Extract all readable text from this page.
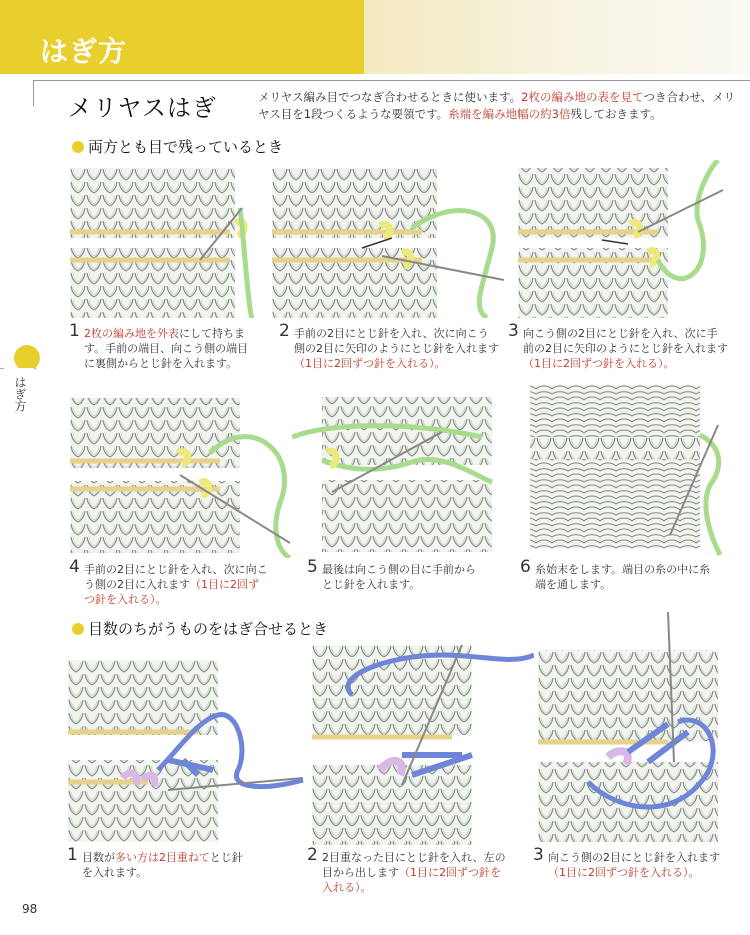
はぎ方
はぎ方
メリヤスはぎ	メリヤス編み目でつなぎ合わせるときに使います。2枚の編み地の表を見てつき合わせ、メリヤス目を1段つくるような要領です。糸端を編み地幅の約3倍残しておきます。
両方とも目で残っているとき
1 2枚の編み地を外表にして持ちます。手前の端目、向こう側の端目に裏側からとじ針を入れます。
2 手前の2目にとじ針を入れ、次に向こう側の2目に矢印のようにとじ針を入れます（1目に2回ずつ針を入れる）。
3 向こう側の2目にとじ針を入れ、次に手前の2目に矢印のようにとじ針を入れます（1目に2回ずつ針を入れる）。
4 手前の2目にとじ針を入れ、次に向こう側の2目に入れます（1目に2回ずつ針を入れる）。
5 最後は向こう側の目に手前からとじ針を入れます。
6 糸始末をします。端目の糸の中に糸端を通します。
目数のちがうものをはぎ合せるとき
1 目数が多い方は2目重ねてとじ針を入れます。
2 2目重なった目にとじ針を入れ、左の目から出します（1目に2回ずつ針を入れる）。
3 向こう側の2目にとじ針を入れます（1目に2回ずつ針を入れる）。
98
